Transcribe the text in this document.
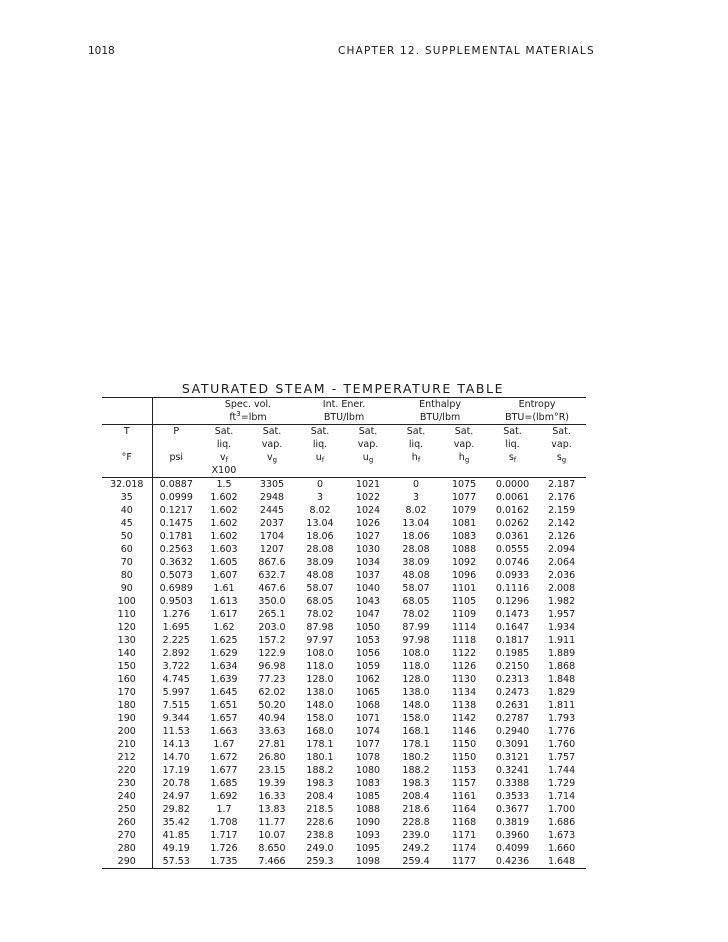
1018	CHAPTER 12. SUPPLEMENTAL MATERIALS
SATURATED STEAM - TEMPERATURE TABLE
		Spec. vol.		Int. Ener.		Enthalpy		Entropy	
		$ft^3=lbm$		BTU/lbm		BTU/lbm		BTU=(lbm°R)	
T	P	Sat.	Sat.	Sat.	Sat.	Sat.	Sat.	Sat.	Sat.
		liq.	vap.	liq.	vap.	liq.	vap.	liq.	vap.
°F	psi	$v_f$	$v_g$	$u_f$	$u_g$	$h_f$	$h_g$	$s_f$	$s_g$
		X100							
32.018	0.0887	1.5	3305	0	1021	0	1075	0.0000	2.187
35	0.0999	1.602	2948	3	1022	3	1077	0.0061	2.176
40	0.1217	1.602	2445	8.02	1024	8.02	1079	0.0162	2.159
45	0.1475	1.602	2037	13.04	1026	13.04	1081	0.0262	2.142
50	0.1781	1.602	1704	18.06	1027	18.06	1083	0.0361	2.126
60	0.2563	1.603	1207	28.08	1030	28.08	1088	0.0555	2.094
70	0.3632	1.605	867.6	38.09	1034	38.09	1092	0.0746	2.064
80	0.5073	1.607	632.7	48.08	1037	48.08	1096	0.0933	2.036
90	0.6989	1.61	467.6	58.07	1040	58.07	1101	0.1116	2.008
100	0.9503	1.613	350.0	68.05	1043	68.05	1105	0.1296	1.982
110	1.276	1.617	265.1	78.02	1047	78.02	1109	0.1473	1.957
120	1.695	1.62	203.0	87.98	1050	87.99	1114	0.1647	1.934
130	2.225	1.625	157.2	97.97	1053	97.98	1118	0.1817	1.911
140	2.892	1.629	122.9	108.0	1056	108.0	1122	0.1985	1.889
150	3.722	1.634	96.98	118.0	1059	118.0	1126	0.2150	1.868
160	4.745	1.639	77.23	128.0	1062	128.0	1130	0.2313	1.848
170	5.997	1.645	62.02	138.0	1065	138.0	1134	0.2473	1.829
180	7.515	1.651	50.20	148.0	1068	148.0	1138	0.2631	1.811
190	9.344	1.657	40.94	158.0	1071	158.0	1142	0.2787	1.793
200	11.53	1.663	33.63	168.0	1074	168.1	1146	0.2940	1.776
210	14.13	1.67	27.81	178.1	1077	178.1	1150	0.3091	1.760
212	14.70	1.672	26.80	180.1	1078	180.2	1150	0.3121	1.757
220	17.19	1.677	23.15	188.2	1080	188.2	1153	0.3241	1.744
230	20.78	1.685	19.39	198.3	1083	198.3	1157	0.3388	1.729
240	24.97	1.692	16.33	208.4	1085	208.4	1161	0.3533	1.714
250	29.82	1.7	13.83	218.5	1088	218.6	1164	0.3677	1.700
260	35.42	1.708	11.77	228.6	1090	228.8	1168	0.3819	1.686
270	41.85	1.717	10.07	238.8	1093	239.0	1171	0.3960	1.673
280	49.19	1.726	8.650	249.0	1095	249.2	1174	0.4099	1.660
290	57.53	1.735	7.466	259.3	1098	259.4	1177	0.4236	1.648
